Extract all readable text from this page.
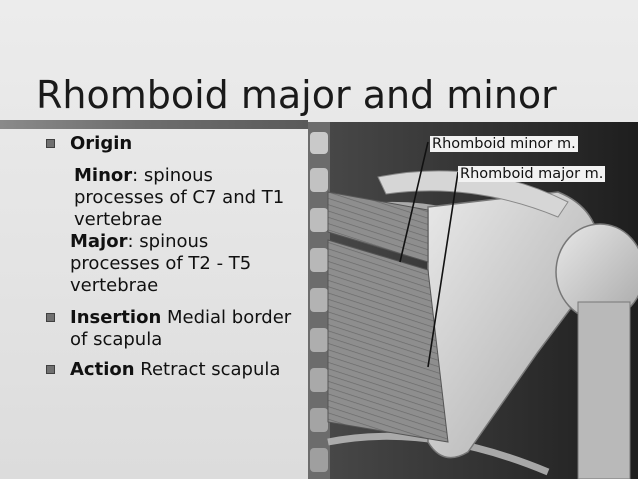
Rhomboid major and minor
Origin
Minor: spinous processes of C7 and T1 vertebrae
Major: spinous processes of T2 - T5 vertebrae
Insertion Medial border of scapula
Action Retract scapula
Rhomboid minor m.
Rhomboid major m.
